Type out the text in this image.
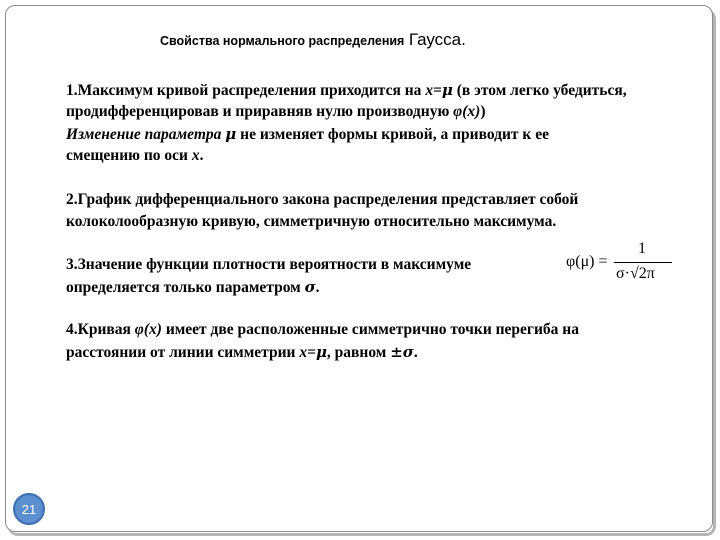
Свойства нормального распределения Гаусса.
1.Максимум кривой распределения приходится на x=μ (в этом легко убедиться,
продифференцировав и приравняв нулю производную φ(x))
Изменение параметра μ не изменяет формы кривой, а приводит к ее
смещению по оси x.
2.График дифференциального закона распределения представляет собой
колоколообразную кривую, симметричную относительно максимума.
3.Значение функции плотности вероятности в максимуме
определяется только параметром σ.
φ(μ) =
1
σ·√2π
4.Кривая φ(x) имеет две расположенные симметрично точки перегиба на
расстоянии от линии симметрии x=μ, равном ±σ.
21
